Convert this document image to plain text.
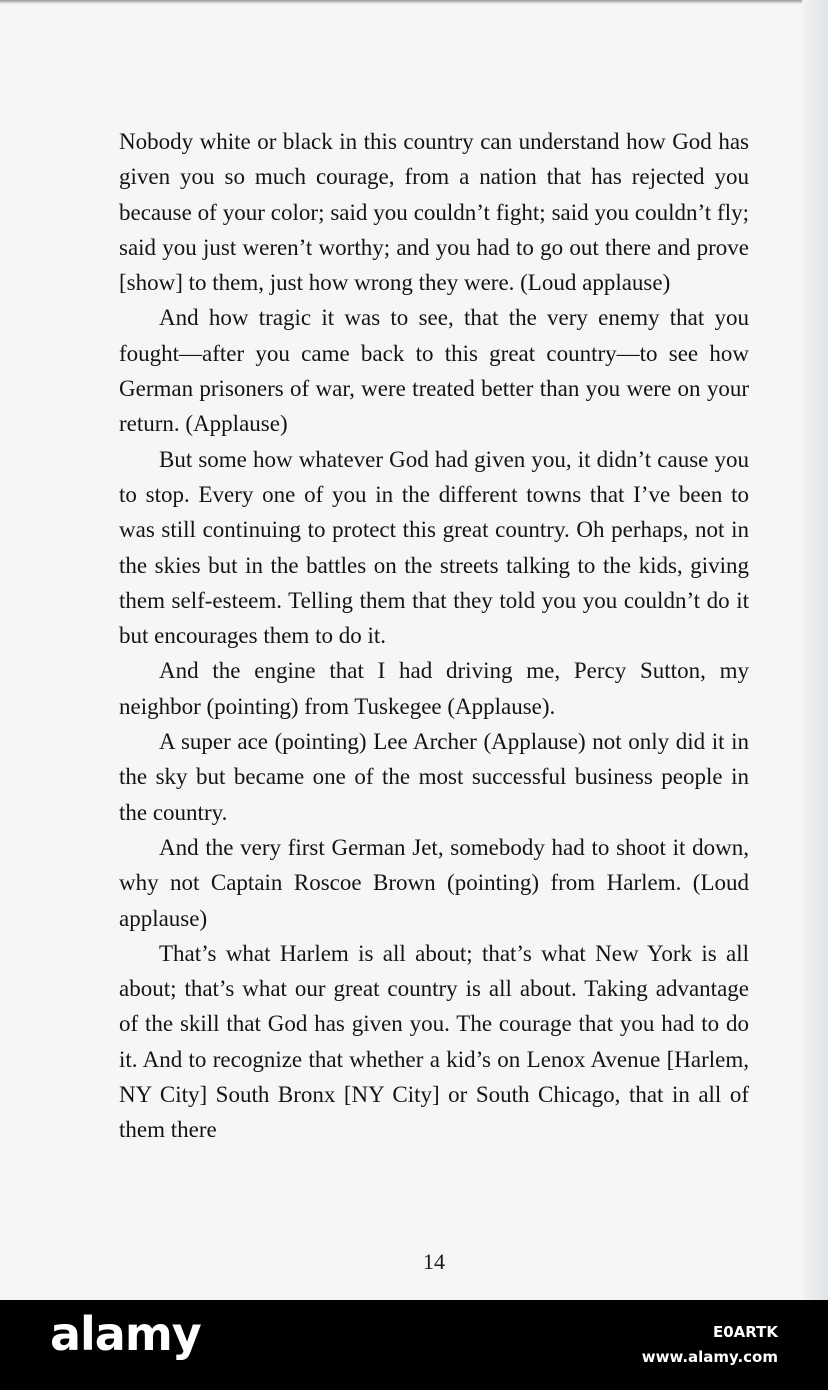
Nobody white or black in this country can understand how God has given you so much courage, from a nation that has rejected you because of your color; said you couldn’t fight; said you couldn’t fly; said you just weren’t worthy; and you had to go out there and prove [show] to them, just how wrong they were. (Loud applause)

And how tragic it was to see, that the very enemy that you fought—after you came back to this great country—to see how German prisoners of war, were treated better than you were on your return. (Applause)

But some how whatever God had given you, it didn’t cause you to stop. Every one of you in the different towns that I’ve been to was still continuing to protect this great country. Oh perhaps, not in the skies but in the battles on the streets talking to the kids, giving them self-esteem. Telling them that they told you you couldn’t do it but encourages them to do it.

And the engine that I had driving me, Percy Sutton, my neighbor (pointing) from Tuskegee (Applause).

A super ace (pointing) Lee Archer (Applause) not only did it in the sky but became one of the most successful business people in the country.

And the very first German Jet, somebody had to shoot it down, why not Captain Roscoe Brown (pointing) from Harlem. (Loud applause)

That’s what Harlem is all about; that’s what New York is all about; that’s what our great country is all about. Taking advantage of the skill that God has given you. The courage that you had to do it. And to recognize that whether a kid’s on Lenox Avenue [Harlem, NY City] South Bronx [NY City] or South Chicago, that in all of them there

14
alamy	E0ARTK
www.alamy.com
